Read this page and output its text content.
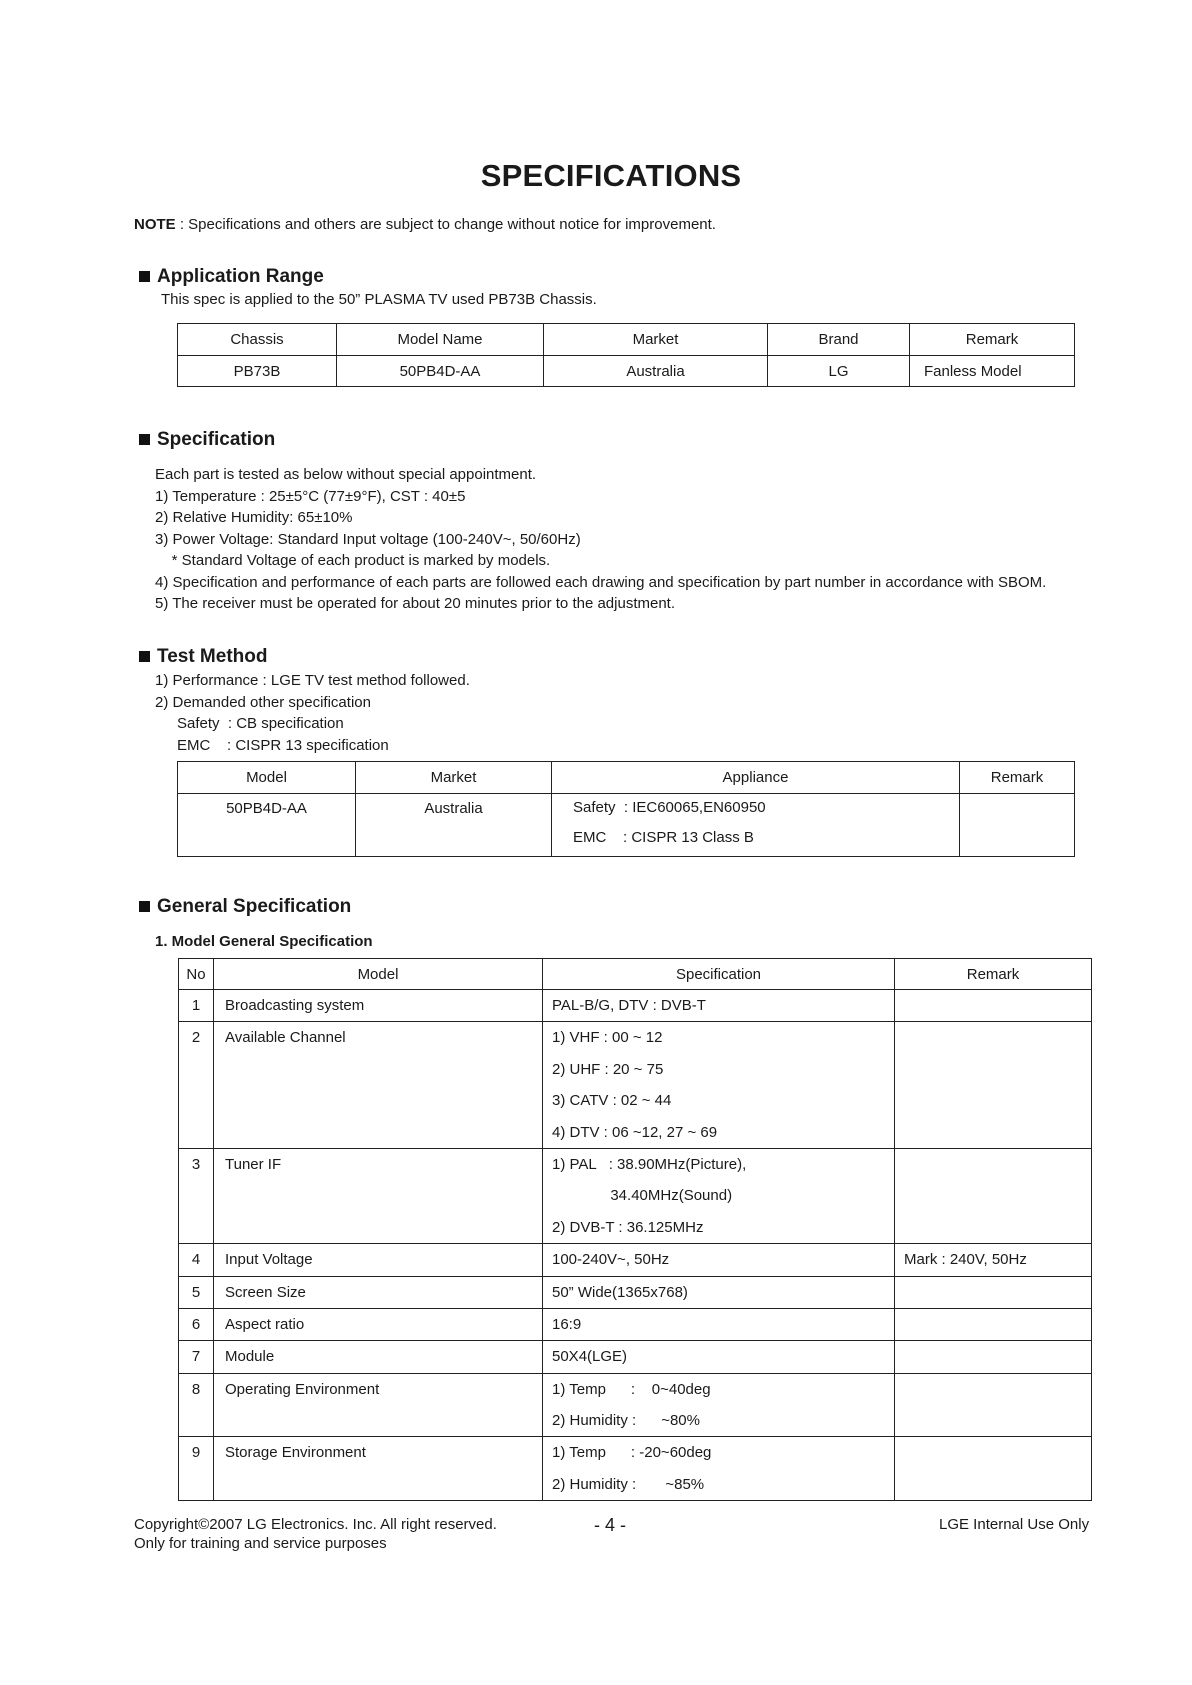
SPECIFICATIONS
NOTE : Specifications and others are subject to change without notice for improvement.
Application Range
This spec is applied to the 50” PLASMA TV used PB73B Chassis.
Chassis	Model Name	Market	Brand	Remark
PB73B	50PB4D-AA	Australia	LG	Fanless Model
Specification
Each part is tested as below without special appointment.
1) Temperature : 25±5°C (77±9°F), CST : 40±5
2) Relative Humidity: 65±10%
3) Power Voltage: Standard Input voltage (100-240V~, 50/60Hz)
* Standard Voltage of each product is marked by models.
4) Specification and performance of each parts are followed each drawing and specification by part number in accordance with SBOM.
5) The receiver must be operated for about 20 minutes prior to the adjustment.
Test Method
1) Performance : LGE TV test method followed.
2) Demanded other specification
Safety  : CB specification
EMC    : CISPR 13 specification
Model	Market	Appliance	Remark
50PB4D-AA	Australia	Safety  : IEC60065,EN60950
EMC    : CISPR 13 Class B	

General Specification
1. Model General Specification
No	Model	Specification	Remark

1	Broadcasting system	PAL-B/G, DTV : DVB-T	

2	Available Channel	1) VHF : 00 ~ 12
2) UHF : 20 ~ 75
3) CATV : 02 ~ 44
4) DTV : 06 ~12, 27 ~ 69	

3	Tuner IF	1) PAL   : 38.90MHz(Picture),
34.40MHz(Sound)
2) DVB-T : 36.125MHz	

4	Input Voltage	100-240V~, 50Hz	Mark : 240V, 50Hz

5	Screen Size	50” Wide(1365x768)	

6	Aspect ratio	16:9	

7	Module	50X4(LGE)	

8	Operating Environment	1) Temp      :    0~40deg
2) Humidity :      ~80%	

9	Storage Environment	1) Temp      : -20~60deg
2) Humidity :       ~85%	

Copyright©2007 LG Electronics. Inc. All right reserved.
Only for training and service purposes
- 4 -	LGE Internal Use Only
